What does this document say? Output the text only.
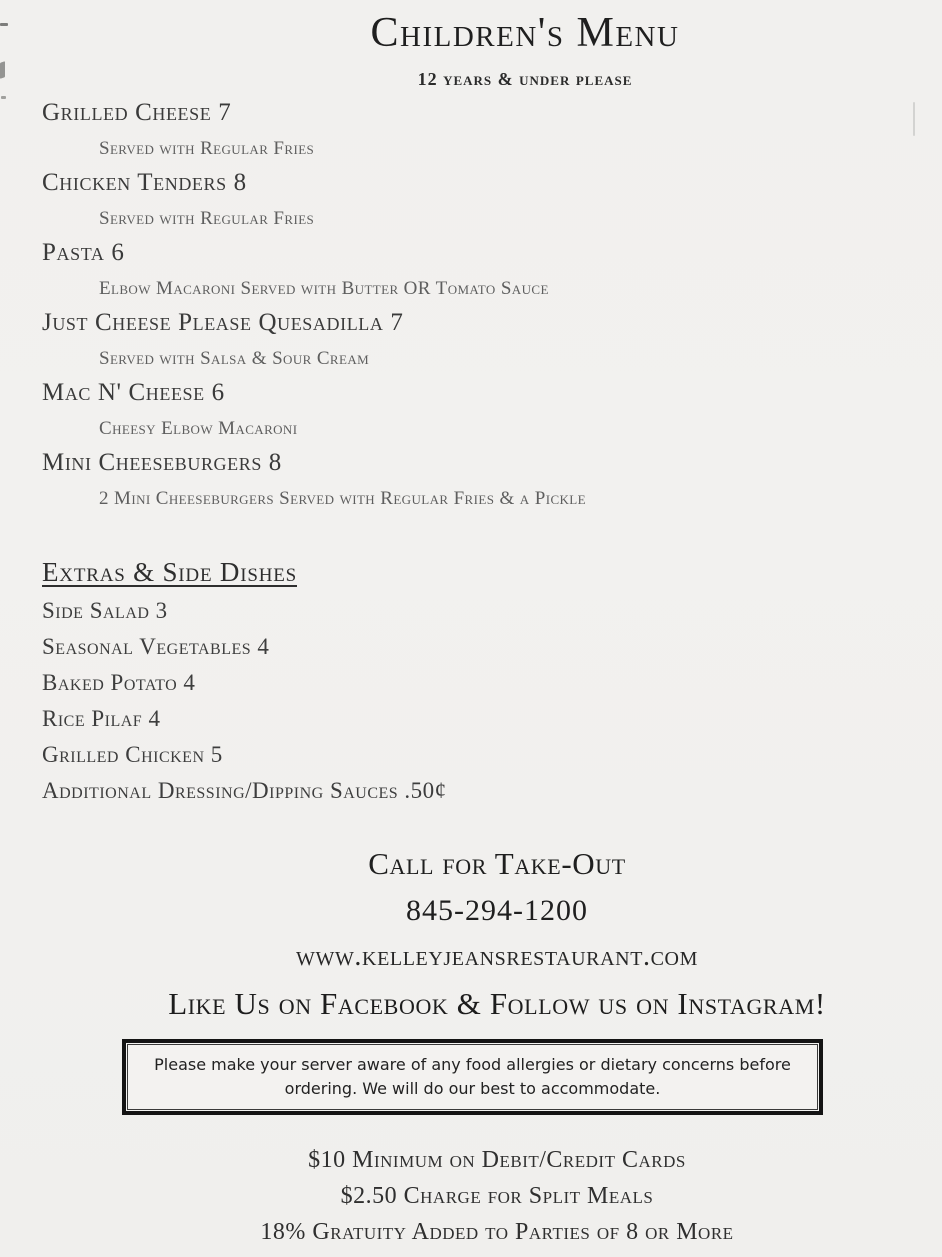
Children's Menu
12 years & under please
Grilled Cheese 7
Served with Regular Fries
Chicken Tenders 8
Served with Regular Fries
Pasta 6
Elbow Macaroni Served with Butter OR Tomato Sauce
Just Cheese Please Quesadilla 7
Served with Salsa & Sour Cream
Mac N' Cheese 6
Cheesy Elbow Macaroni
Mini Cheeseburgers 8
2 Mini Cheeseburgers Served with Regular Fries & a Pickle
Extras & Side Dishes
Side Salad 3
Seasonal Vegetables 4
Baked Potato 4
Rice Pilaf 4
Grilled Chicken 5
Additional Dressing/Dipping Sauces .50¢
Call for Take-Out
845-294-1200
www.kelleyjeansrestaurant.com
Like Us on Facebook & Follow us on Instagram!
Please make your server aware of any food allergies or dietary concerns before ordering. We will do our best to accommodate.
$10 Minimum on Debit/Credit Cards
$2.50 Charge for Split Meals
18% Gratuity Added to Parties of 8 or More
